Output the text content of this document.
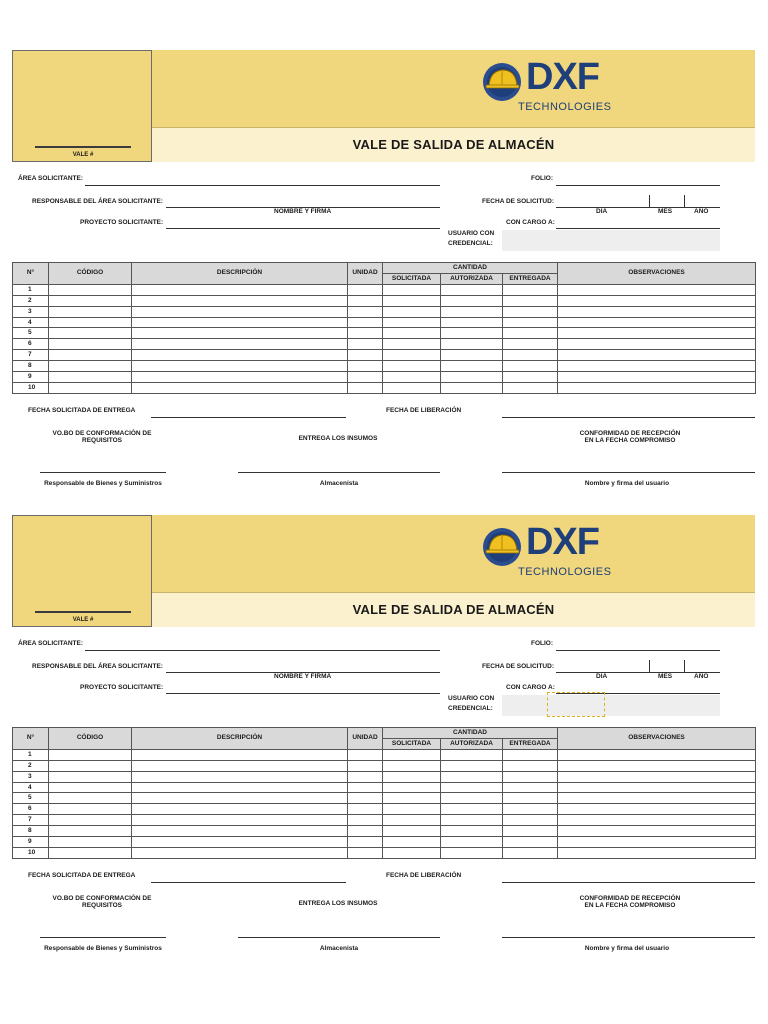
VALE #
DXF
TECHNOLOGIES
VALE DE SALIDA DE ALMACÉN
ÁREA SOLICITANTE:	FOLIO:
RESPONSABLE DEL ÁREA SOLICITANTE:
NOMBRE Y FIRMA
FECHA DE SOLICITUD:
DIA	MES	AÑO
PROYECTO SOLICITANTE:	CON CARGO A:
USUARIO CON
CREDENCIAL:
N°	CÓDIGO	DESCRIPCIÓN	UNIDAD	CANTIDAD			OBSERVACIONES
				SOLICITADA	AUTORIZADA	ENTREGADA	
1							
2							
3							
4							
5							
6							
7							
8							
9							
10							
FECHA SOLICITADA DE ENTREGA	FECHA DE LIBERACIÓN
VO.BO DE CONFORMACIÓN DE
REQUISITOS	ENTREGA LOS INSUMOS
CONFORMIDAD DE RECEPCIÓN
EN LA FECHA COMPROMISO
Responsable de Bienes y Suministros	Almacenista	Nombre y firma del usuario
VALE #
DXF
TECHNOLOGIES
VALE DE SALIDA DE ALMACÉN
ÁREA SOLICITANTE:	FOLIO:
RESPONSABLE DEL ÁREA SOLICITANTE:
NOMBRE Y FIRMA
FECHA DE SOLICITUD:
DIA	MES	AÑO
PROYECTO SOLICITANTE:	CON CARGO A:
USUARIO CON
CREDENCIAL:
N°	CÓDIGO	DESCRIPCIÓN	UNIDAD	CANTIDAD			OBSERVACIONES
				SOLICITADA	AUTORIZADA	ENTREGADA	
1							
2							
3							
4							
5							
6							
7							
8							
9							
10							
FECHA SOLICITADA DE ENTREGA	FECHA DE LIBERACIÓN
VO.BO DE CONFORMACIÓN DE
REQUISITOS	ENTREGA LOS INSUMOS
CONFORMIDAD DE RECEPCIÓN
EN LA FECHA COMPROMISO
Responsable de Bienes y Suministros	Almacenista	Nombre y firma del usuario
